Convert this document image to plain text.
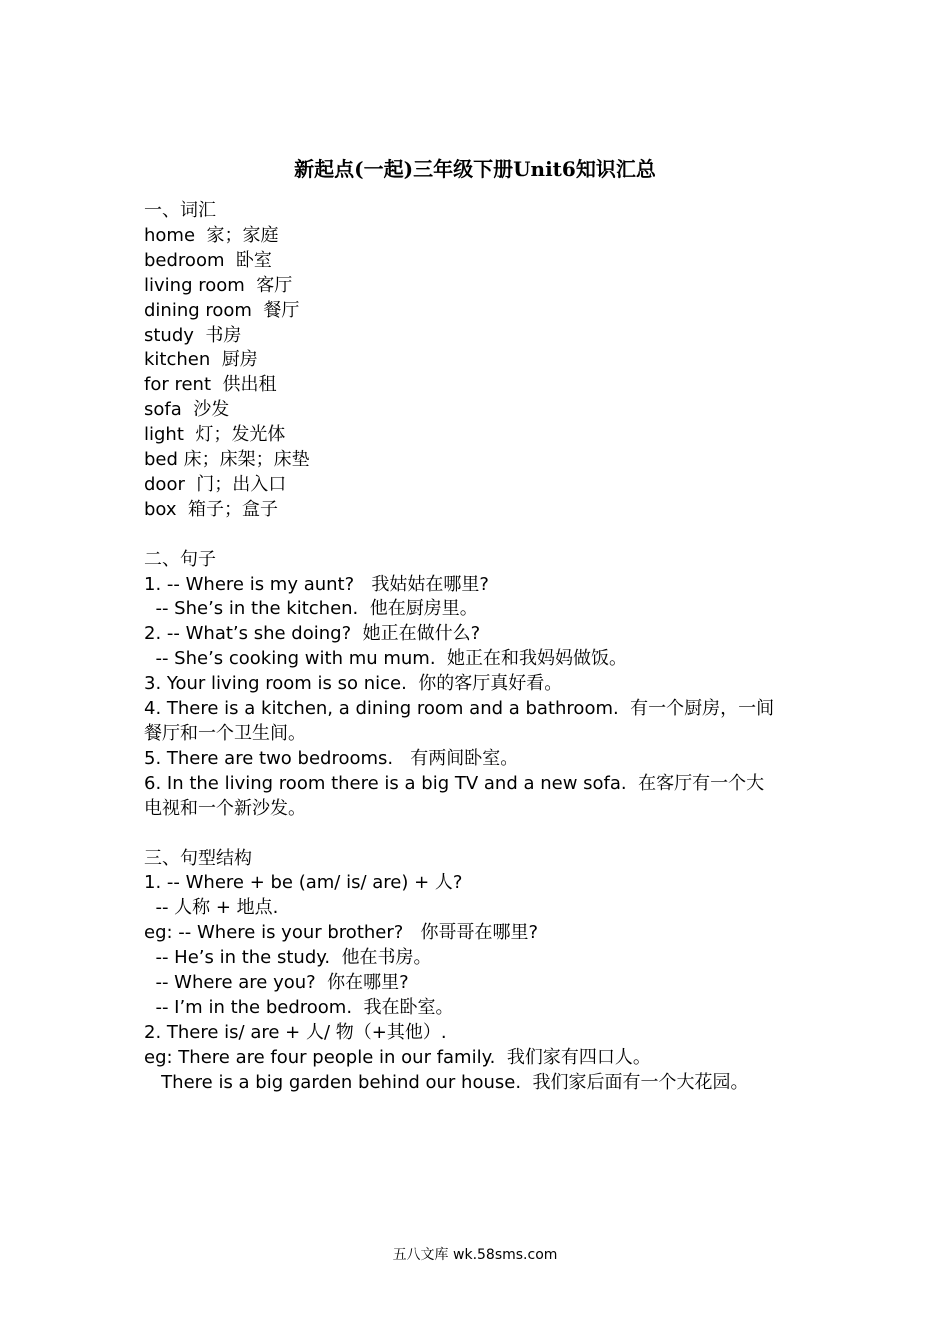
新起点(一起)三年级下册Unit6知识汇总

一、词汇

home  家；家庭

bedroom  卧室

living room  客厅

dining room  餐厅

study  书房

kitchen  厨房

for rent  供出租

sofa  沙发

light  灯；发光体

bed 床；床架；床垫

door  门；出入口

box  箱子；盒子

二、句子

1. -- Where is my aunt?   我姑姑在哪里?

-- She’s in the kitchen.  他在厨房里。

2. -- What’s she doing?  她正在做什么?

-- She’s cooking with mu mum.  她正在和我妈妈做饭。

3. Your living room is so nice.  你的客厅真好看。

4. There is a kitchen, a dining room and a bathroom.  有一个厨房，一间

餐厅和一个卫生间。

5. There are two bedrooms.   有两间卧室。

6. In the living room there is a big TV and a new sofa.  在客厅有一个大

电视和一个新沙发。

三、句型结构

1. -- Where + be (am/ is/ are) + 人?

-- 人称 + 地点.

eg: -- Where is your brother?   你哥哥在哪里?

-- He’s in the study.  他在书房。

-- Where are you?  你在哪里?

-- I’m in the bedroom.  我在卧室。

2. There is/ are + 人/ 物（+其他）.

eg: There are four people in our family.  我们家有四口人。

There is a big garden behind our house.  我们家后面有一个大花园。

五八文库 wk.58sms.com
